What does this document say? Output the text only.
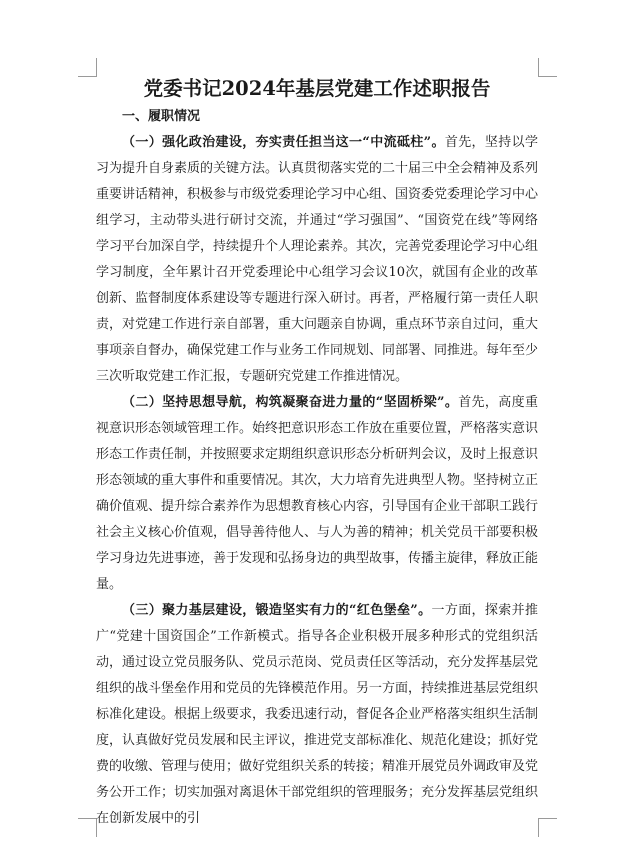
党委书记2024年基层党建工作述职报告
一、履职情况

（一）强化政治建设，夯实责任担当这一“中流砥柱”。首先，坚持以学习为提升自身素质的关键方法。认真贯彻落实党的二十届三中全会精神及系列重要讲话精神，积极参与市级党委理论学习中心组、国资委党委理论学习中心组学习，主动带头进行研讨交流，并通过“学习强国”、“国资党在线”等网络学习平台加深自学，持续提升个人理论素养。其次，完善党委理论学习中心组学习制度，全年累计召开党委理论中心组学习会议10次，就国有企业的改革创新、监督制度体系建设等专题进行深入研讨。再者，严格履行第一责任人职责，对党建工作进行亲自部署，重大问题亲自协调，重点环节亲自过问，重大事项亲自督办，确保党建工作与业务工作同规划、同部署、同推进。每年至少三次听取党建工作汇报，专题研究党建工作推进情况。

（二）坚持思想导航，构筑凝聚奋进力量的“坚固桥梁”。首先，高度重视意识形态领域管理工作。始终把意识形态工作放在重要位置，严格落实意识形态工作责任制，并按照要求定期组织意识形态分析研判会议，及时上报意识形态领域的重大事件和重要情况。其次，大力培育先进典型人物。坚持树立正确价值观、提升综合素养作为思想教育核心内容，引导国有企业干部职工践行社会主义核心价值观，倡导善待他人、与人为善的精神；机关党员干部要积极学习身边先进事迹，善于发现和弘扬身边的典型故事，传播主旋律，释放正能量。

（三）聚力基层建设，锻造坚实有力的“红色堡垒”。一方面，探索并推广“党建十国资国企”工作新模式。指导各企业积极开展多种形式的党组织活动，通过设立党员服务队、党员示范岗、党员责任区等活动，充分发挥基层党组织的战斗堡垒作用和党员的先锋模范作用。另一方面，持续推进基层党组织标准化建设。根据上级要求，我委迅速行动，督促各企业严格落实组织生活制度，认真做好党员发展和民主评议，推进党支部标准化、规范化建设；抓好党费的收缴、管理与使用；做好党组织关系的转接；精准开展党员外调政审及党务公开工作；切实加强对离退休干部党组织的管理服务；充分发挥基层党组织在创新发展中的引
